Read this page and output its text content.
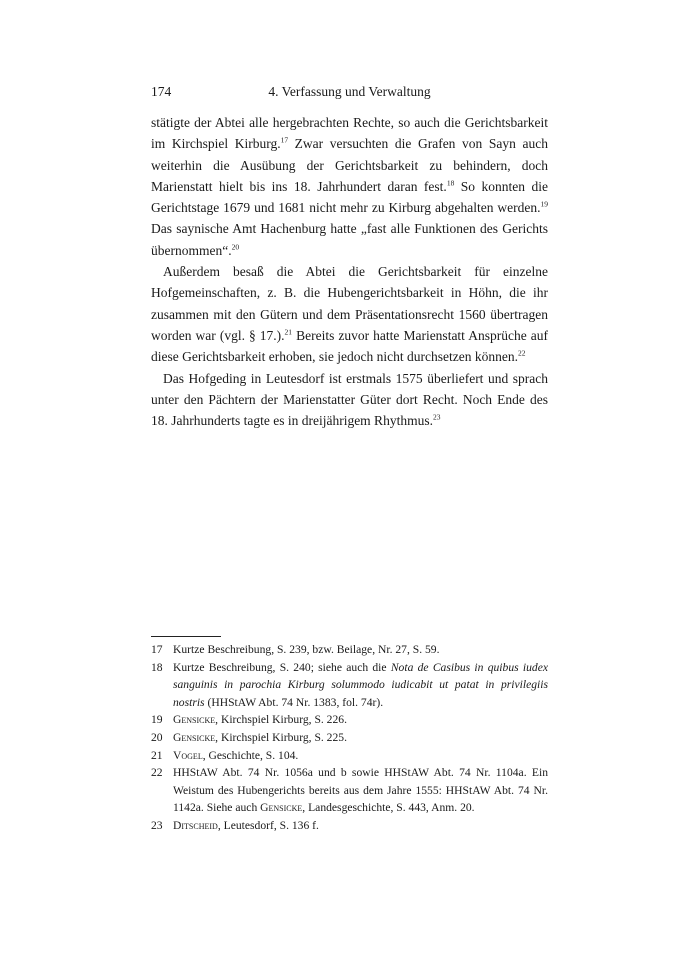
174	4. Verfassung und Verwaltung

stätigte der Abtei alle hergebrachten Rechte, so auch die Gerichtsbarkeit im Kirchspiel Kirburg.$^{17}$ Zwar versuchten die Grafen von Sayn auch weiterhin die Ausübung der Gerichtsbarkeit zu behindern, doch Marienstatt hielt bis ins 18. Jahrhundert daran fest.$^{18}$ So konnten die Gerichtstage 1679 und 1681 nicht mehr zu Kirburg abgehalten werden.$^{19}$ Das saynische Amt Hachenburg hatte „fast alle Funktionen des Gerichts übernommen“.$^{20}$

Außerdem besaß die Abtei die Gerichtsbarkeit für einzelne Hofgemeinschaften, z. B. die Hubengerichtsbarkeit in Höhn, die ihr zusammen mit den Gütern und dem Präsentationsrecht 1560 übertragen worden war (vgl. § 17.).$^{21}$ Bereits zuvor hatte Marienstatt Ansprüche auf diese Gerichtsbarkeit erhoben, sie jedoch nicht durchsetzen können.$^{22}$

Das Hofgeding in Leutesdorf ist erstmals 1575 überliefert und sprach unter den Pächtern der Marienstatter Güter dort Recht. Noch Ende des 18. Jahrhunderts tagte es in dreijährigem Rhythmus.$^{23}$

17 Kurtze Beschreibung, S. 239, bzw. Beilage, Nr. 27, S. 59.
18 Kurtze Beschreibung, S. 240; siehe auch die Nota de Casibus in quibus iudex sanguinis in parochia Kirburg solummodo iudicabit ut patat in privilegiis nostris (HHStAW Abt. 74 Nr. 1383, fol. 74r).
19 Gensicke, Kirchspiel Kirburg, S. 226.
20 Gensicke, Kirchspiel Kirburg, S. 225.
21 Vogel, Geschichte, S. 104.
22 HHStAW Abt. 74 Nr. 1056a und b sowie HHStAW Abt. 74 Nr. 1104a. Ein Weistum des Hubengerichts bereits aus dem Jahre 1555: HHStAW Abt. 74 Nr. 1142a. Siehe auch Gensicke, Landesgeschichte, S. 443, Anm. 20.
23 Ditscheid, Leutesdorf, S. 136 f.
